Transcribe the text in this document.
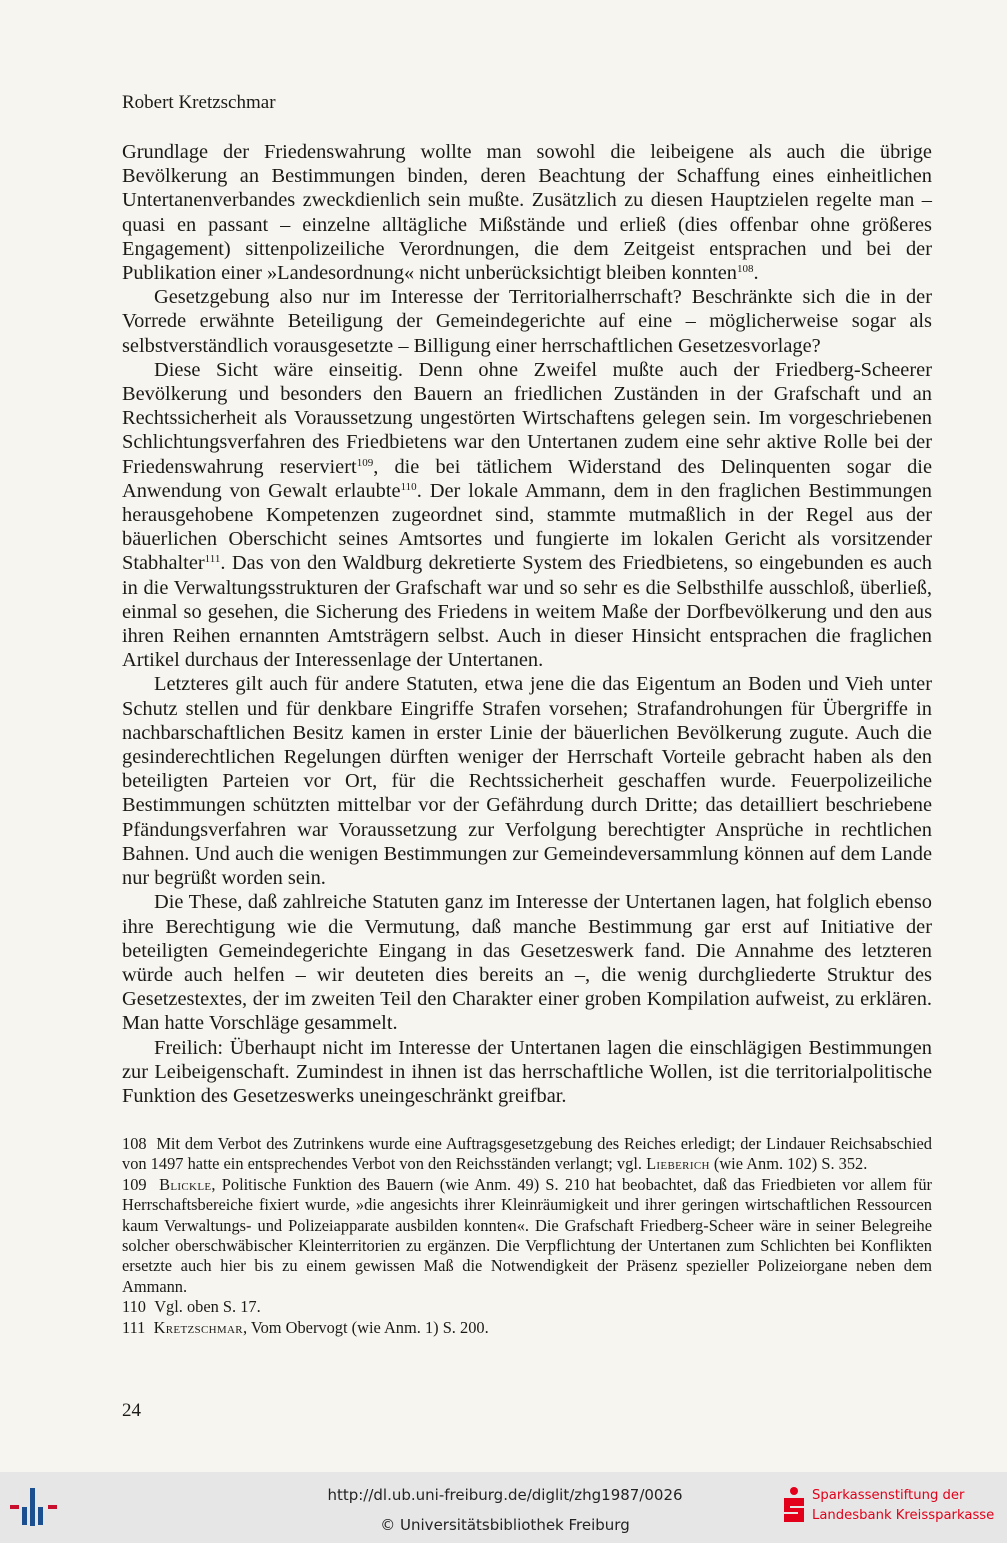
Robert Kretzschmar

Grundlage der Friedenswahrung wollte man sowohl die leibeigene als auch die übrige Bevölkerung an Bestimmungen binden, deren Beachtung der Schaffung eines einheitlichen Untertanenverbandes zweckdienlich sein mußte. Zusätzlich zu diesen Hauptzielen regelte man – quasi en passant – einzelne alltägliche Mißstände und erließ (dies offenbar ohne größeres Engagement) sittenpolizeiliche Verordnungen, die dem Zeitgeist entsprachen und bei der Publikation einer »Landesordnung« nicht unberücksichtigt bleiben konnten$^{108}$.

Gesetzgebung also nur im Interesse der Territorialherrschaft? Beschränkte sich die in der Vorrede erwähnte Beteiligung der Gemeindegerichte auf eine – möglicherweise sogar als selbstverständlich vorausgesetzte – Billigung einer herrschaftlichen Gesetzesvorlage?

Diese Sicht wäre einseitig. Denn ohne Zweifel mußte auch der Friedberg-Scheerer Bevölkerung und besonders den Bauern an friedlichen Zuständen in der Grafschaft und an Rechtssicherheit als Voraussetzung ungestörten Wirtschaftens gelegen sein. Im vorgeschriebenen Schlichtungsverfahren des Friedbietens war den Untertanen zudem eine sehr aktive Rolle bei der Friedenswahrung reserviert$^{109}$, die bei tätlichem Widerstand des Delinquenten sogar die Anwendung von Gewalt erlaubte$^{110}$. Der lokale Ammann, dem in den fraglichen Bestimmungen herausgehobene Kompetenzen zugeordnet sind, stammte mutmaßlich in der Regel aus der bäuerlichen Oberschicht seines Amtsortes und fungierte im lokalen Gericht als vorsitzender Stabhalter$^{111}$. Das von den Waldburg dekretierte System des Friedbietens, so eingebunden es auch in die Verwaltungsstrukturen der Grafschaft war und so sehr es die Selbsthilfe ausschloß, überließ, einmal so gesehen, die Sicherung des Friedens in weitem Maße der Dorfbevölkerung und den aus ihren Reihen ernannten Amtsträgern selbst. Auch in dieser Hinsicht entsprachen die fraglichen Artikel durchaus der Interessenlage der Untertanen.

Letzteres gilt auch für andere Statuten, etwa jene die das Eigentum an Boden und Vieh unter Schutz stellen und für denkbare Eingriffe Strafen vorsehen; Strafandrohungen für Übergriffe in nachbarschaftlichen Besitz kamen in erster Linie der bäuerlichen Bevölkerung zugute. Auch die gesinderechtlichen Regelungen dürften weniger der Herrschaft Vorteile gebracht haben als den beteiligten Parteien vor Ort, für die Rechtssicherheit geschaffen wurde. Feuerpolizeiliche Bestimmungen schützten mittelbar vor der Gefährdung durch Dritte; das detailliert beschriebene Pfändungsverfahren war Voraussetzung zur Verfolgung berechtigter Ansprüche in rechtlichen Bahnen. Und auch die wenigen Bestimmungen zur Gemeindeversammlung können auf dem Lande nur begrüßt worden sein.

Die These, daß zahlreiche Statuten ganz im Interesse der Untertanen lagen, hat folglich ebenso ihre Berechtigung wie die Vermutung, daß manche Bestimmung gar erst auf Initiative der beteiligten Gemeindegerichte Eingang in das Gesetzeswerk fand. Die Annahme des letzteren würde auch helfen – wir deuteten dies bereits an –, die wenig durchgliederte Struktur des Gesetzestextes, der im zweiten Teil den Charakter einer groben Kompilation aufweist, zu erklären. Man hatte Vorschläge gesammelt.

Freilich: Überhaupt nicht im Interesse der Untertanen lagen die einschlägigen Bestimmungen zur Leibeigenschaft. Zumindest in ihnen ist das herrschaftliche Wollen, ist die territorialpolitische Funktion des Gesetzeswerks uneingeschränkt greifbar.

108 Mit dem Verbot des Zutrinkens wurde eine Auftragsgesetzgebung des Reiches erledigt; der Lindauer Reichsabschied von 1497 hatte ein entsprechendes Verbot von den Reichsständen verlangt; vgl. Lieberich (wie Anm. 102) S. 352.

109 Blickle, Politische Funktion des Bauern (wie Anm. 49) S. 210 hat beobachtet, daß das Friedbieten vor allem für Herrschaftsbereiche fixiert wurde, »die angesichts ihrer Kleinräumigkeit und ihrer geringen wirtschaftlichen Ressourcen kaum Verwaltungs- und Polizeiapparate ausbilden konnten«. Die Grafschaft Friedberg-Scheer wäre in seiner Belegreihe solcher oberschwäbischer Kleinterritorien zu ergänzen. Die Verpflichtung der Untertanen zum Schlichten bei Konflikten ersetzte auch hier bis zu einem gewissen Maß die Notwendigkeit der Präsenz spezieller Polizeiorgane neben dem Ammann.

110 Vgl. oben S. 17.

111 Kretzschmar, Vom Obervogt (wie Anm. 1) S. 200.

24
http://dl.ub.uni-freiburg.de/diglit/zhg1987/0026
© Universitätsbibliothek Freiburg
Sparkassenstiftung der
Landesbank Kreissparkasse
